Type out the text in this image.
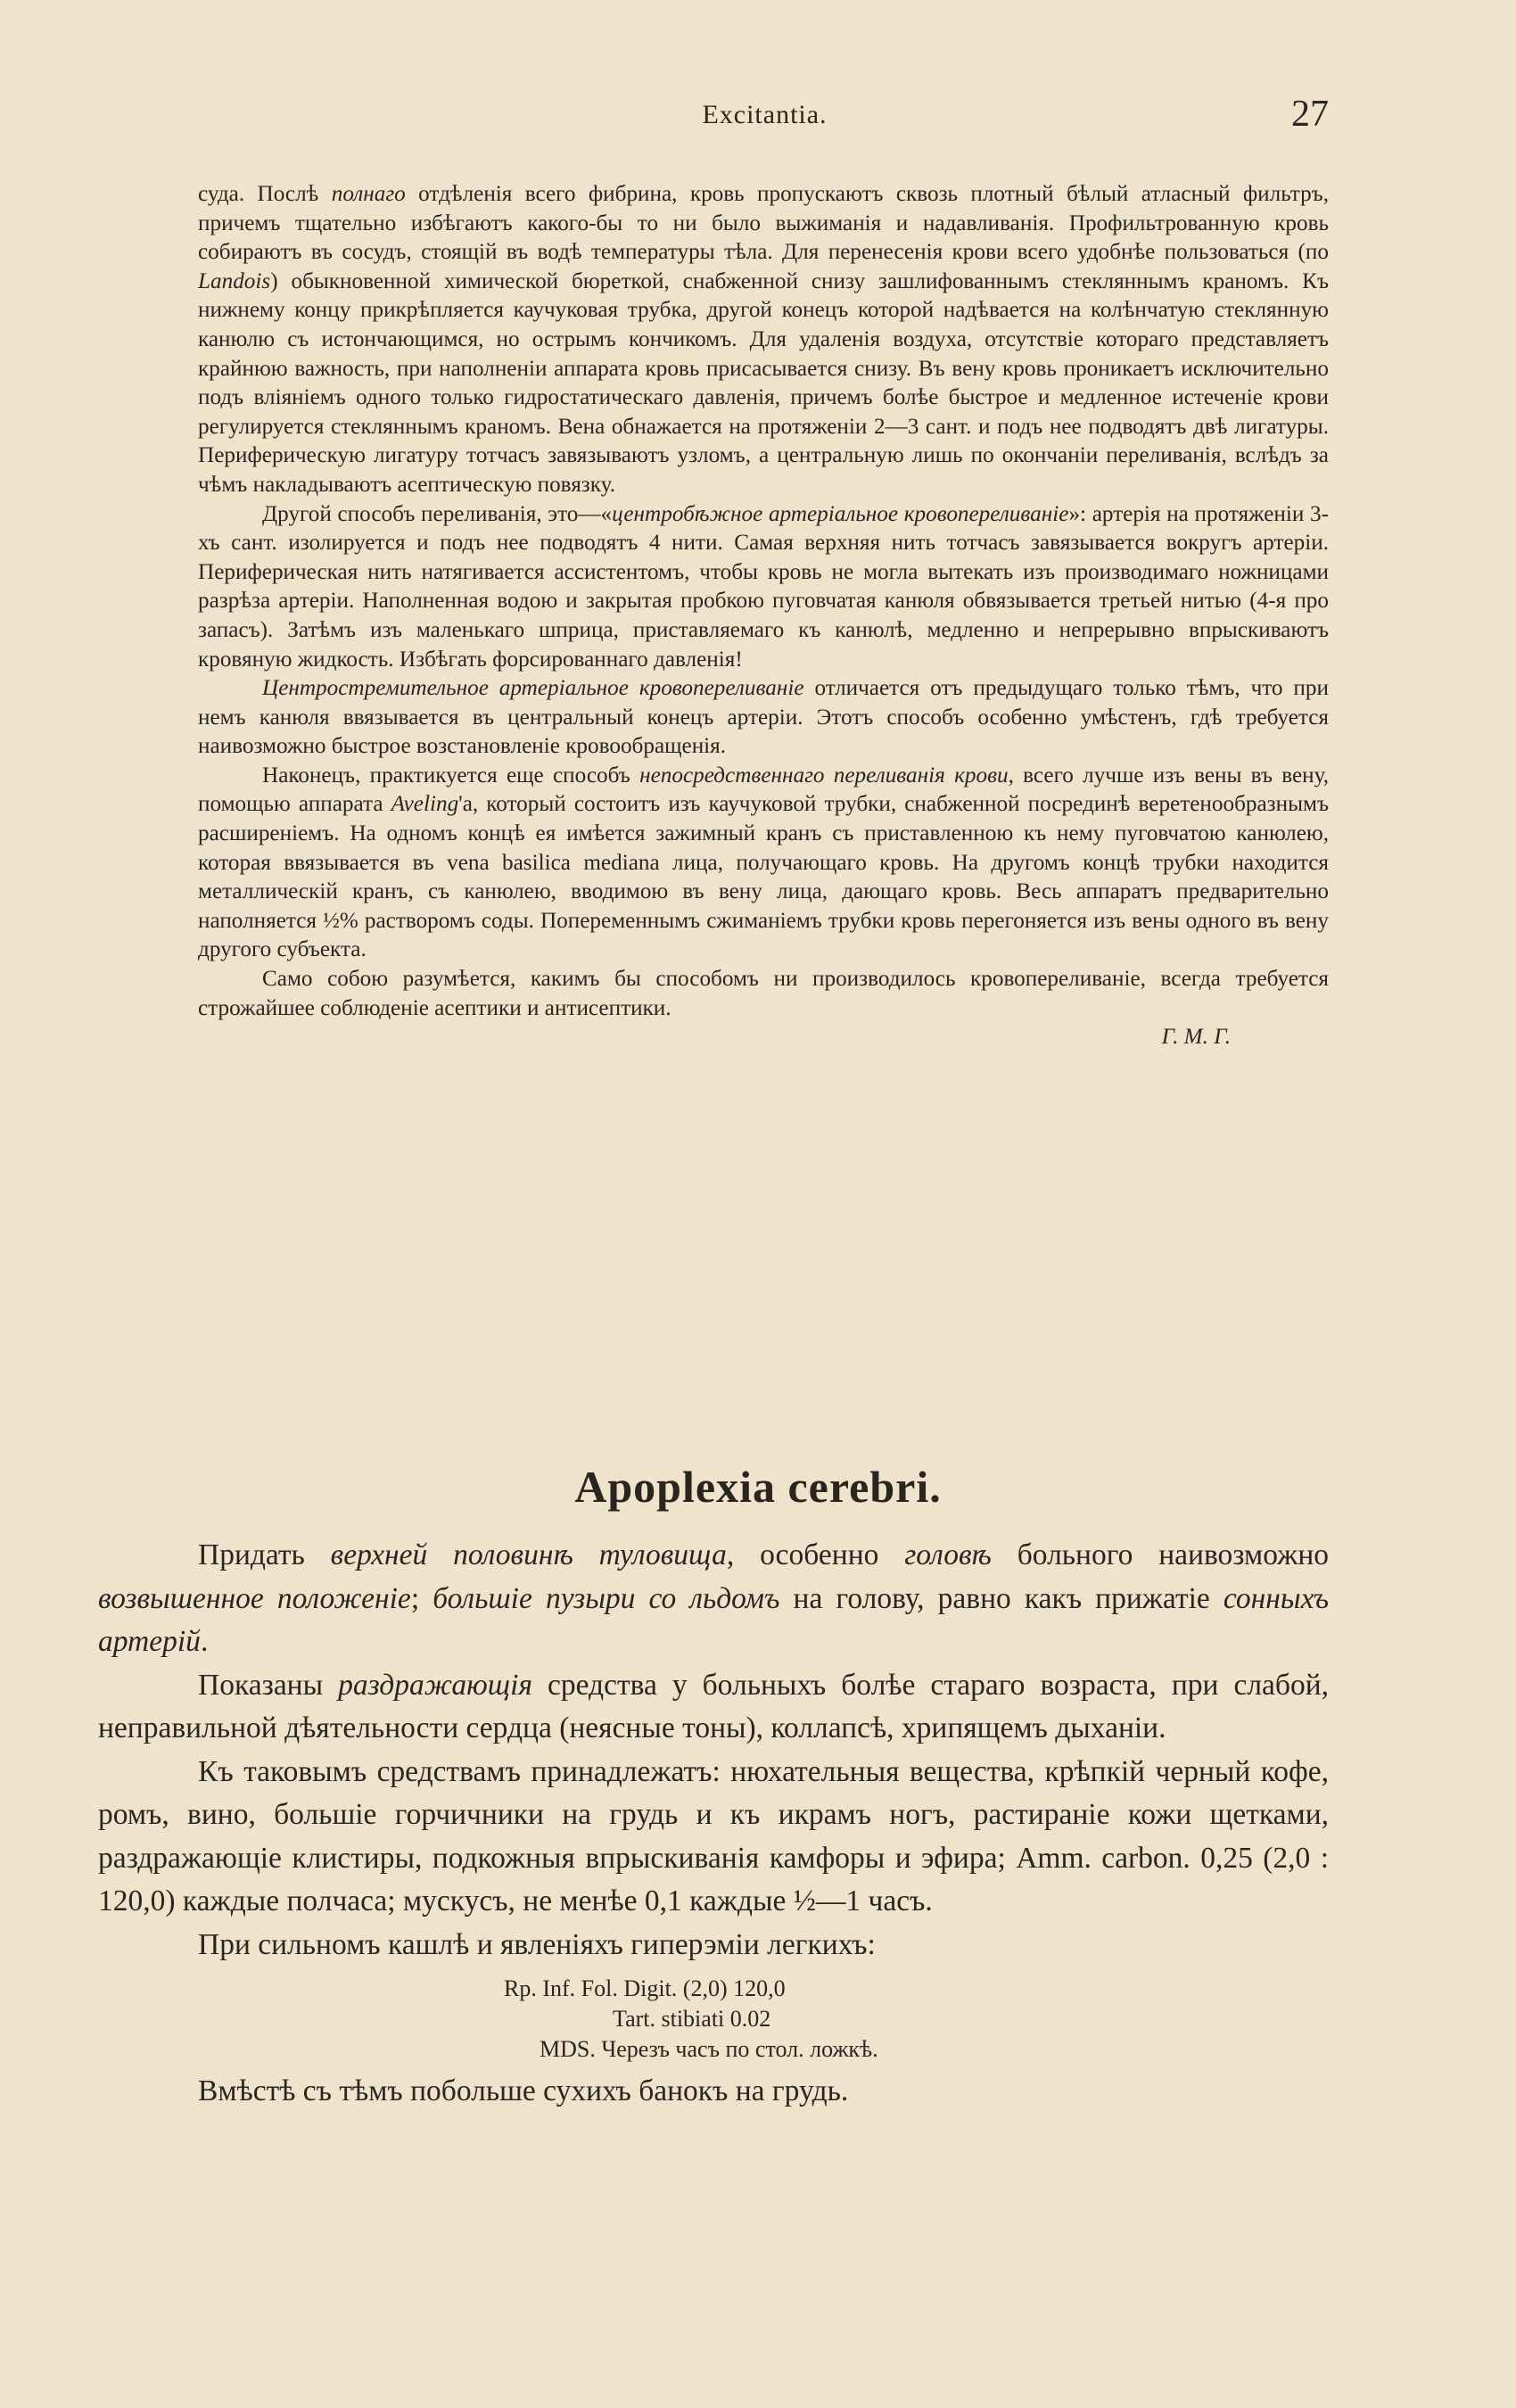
Excitantia.	27

суда. Послѣ полнаго отдѣленія всего фибрина, кровь пропускаютъ сквозь плотный бѣлый атласный фильтръ, причемъ тщательно избѣгаютъ какого-бы то ни было выжиманія и надавливанія. Профильтрованную кровь собираютъ въ сосудъ, стоящій въ водѣ температуры тѣла. Для перенесенія крови всего удобнѣе пользоваться (по Landois) обыкновенной химической бюреткой, снабженной снизу зашлифованнымъ стекляннымъ краномъ. Къ нижнему концу прикрѣпляется каучуковая трубка, другой конецъ которой надѣвается на колѣнчатую стеклянную канюлю съ истончающимся, но острымъ кончикомъ. Для удаленія воздуха, отсутствіе котораго представляетъ крайнюю важность, при наполненіи аппарата кровь присасывается снизу. Въ вену кровь проникаетъ исключительно подъ вліяніемъ одного только гидростатическаго давленія, причемъ болѣе быстрое и медленное истеченіе крови регулируется стекляннымъ краномъ. Вена обнажается на протяженіи 2—3 сант. и подъ нее подводятъ двѣ лигатуры. Периферическую лигатуру тотчасъ завязываютъ узломъ, а центральную лишь по окончаніи переливанія, вслѣдъ за чѣмъ накладываютъ асептическую повязку.

Другой способъ переливанія, это—«центробѣжное артеріальное кровопереливаніе»: артерія на протяженіи 3-хъ сант. изолируется и подъ нее подводятъ 4 нити. Самая верхняя нить тотчасъ завязывается вокругъ артеріи. Периферическая нить натягивается ассистентомъ, чтобы кровь не могла вытекать изъ производимаго ножницами разрѣза артеріи. Наполненная водою и закрытая пробкою пуговчатая канюля обвязывается третьей нитью (4-я про запасъ). Затѣмъ изъ маленькаго шприца, приставляемаго къ канюлѣ, медленно и непрерывно впрыскиваютъ кровяную жидкость. Избѣгать форсированнаго давленія!

Центростремительное артеріальное кровопереливаніе отличается отъ предыдущаго только тѣмъ, что при немъ канюля ввязывается въ центральный конецъ артеріи. Этотъ способъ особенно умѣстенъ, гдѣ требуется наивозможно быстрое возстановленіе кровообращенія.

Наконецъ, практикуется еще способъ непосредственнаго переливанія крови, всего лучше изъ вены въ вену, помощью аппарата Aveling'а, который состоитъ изъ каучуковой трубки, снабженной посрединѣ веретенообразнымъ расширеніемъ. На одномъ концѣ ея имѣется зажимный кранъ съ приставленною къ нему пуговчатою канюлею, которая ввязывается въ vena basilica mediana лица, получающаго кровь. На другомъ концѣ трубки находится металлическій кранъ, съ канюлею, вводимою въ вену лица, дающаго кровь. Весь аппаратъ предварительно наполняется ½% растворомъ соды. Попеременнымъ сжиманіемъ трубки кровь перегоняется изъ вены одного въ вену другого субъекта.

Само собою разумѣется, какимъ бы способомъ ни производилось кровопереливаніе, всегда требуется строжайшее соблюденіе асептики и антисептики.

Г. М. Г.

Apoplexia cerebri.

Придать верхней половинѣ туловища, особенно головѣ больного наивозможно возвышенное положеніе; большіе пузыри со льдомъ на голову, равно какъ прижатіе сонныхъ артерій.

Показаны раздражающія средства у больныхъ болѣе стараго возраста, при слабой, неправильной дѣятельности сердца (неясные тоны), коллапсѣ, хрипящемъ дыханіи.

Къ таковымъ средствамъ принадлежатъ: нюхательныя вещества, крѣпкій черный кофе, ромъ, вино, большіе горчичники на грудь и къ икрамъ ногъ, растираніе кожи щетками, раздражающіе клистиры, подкожныя впрыскиванія камфоры и эфира; Amm. carbon. 0,25 (2,0 : 120,0) каждые полчаса; мускусъ, не менѣе 0,1 каждые ½—1 часъ.

При сильномъ кашлѣ и явленіяхъ гиперэміи легкихъ:

Rp. Inf. Fol. Digit. (2,0) 120,0
Tart. stibiati 0.02
MDS. Черезъ часъ по стол. ложкѣ.

Вмѣстѣ съ тѣмъ побольше сухихъ банокъ на грудь.
